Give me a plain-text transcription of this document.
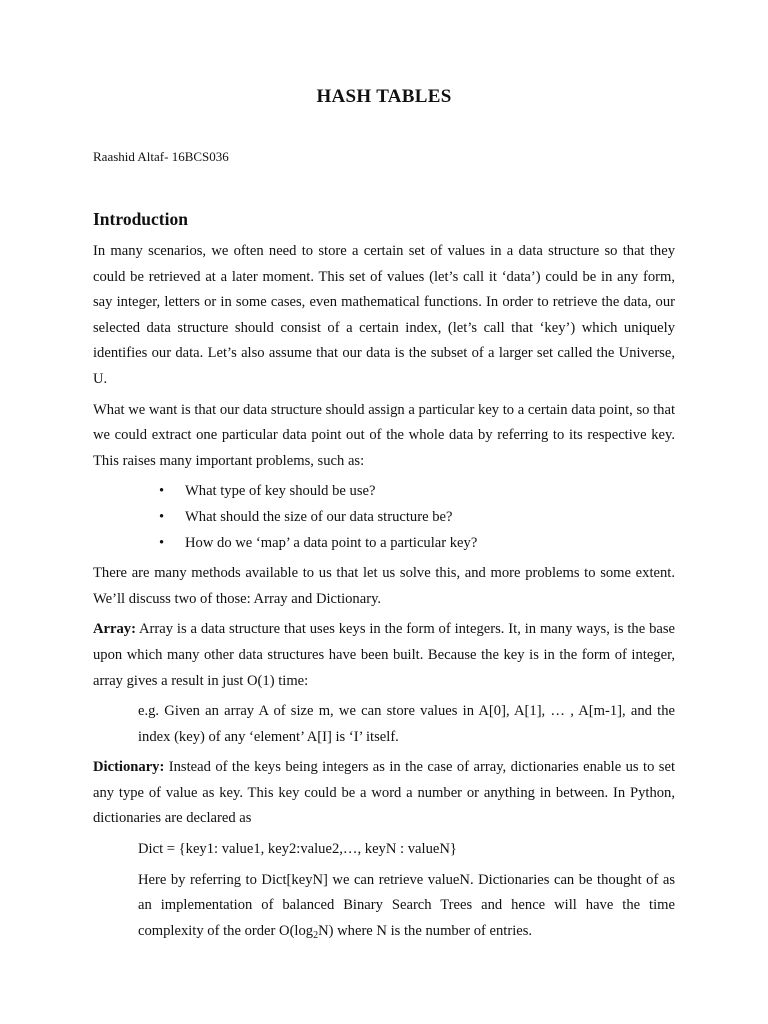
HASH TABLES
Raashid Altaf- 16BCS036
Introduction

In many scenarios, we often need to store a certain set of values in a data structure so that they could be retrieved at a later moment. This set of values (let’s call it ‘data’) could be in any form, say integer, letters or in some cases, even mathematical functions. In order to retrieve the data, our selected data structure should consist of a certain index, (let’s call that ‘key’) which uniquely identifies our data. Let’s also assume that our data is the subset of a larger set called the Universe, U.

What we want is that our data structure should assign a particular key to a certain data point, so that we could extract one particular data point out of the whole data by referring to its respective key. This raises many important problems, such as:

• What type of key should be use?
• What should the size of our data structure be?
• How do we ‘map’ a data point to a particular key?

There are many methods available to us that let us solve this, and more problems to some extent. We’ll discuss two of those: Array and Dictionary.

Array: Array is a data structure that uses keys in the form of integers. It, in many ways, is the base upon which many other data structures have been built. Because the key is in the form of integer, array gives a result in just O(1) time:

e.g. Given an array A of size m, we can store values in A[0], A[1], … , A[m-1], and the index (key) of any ‘element’ A[I] is ‘I’ itself.

Dictionary: Instead of the keys being integers as in the case of array, dictionaries enable us to set any type of value as key. This key could be a word a number or anything in between. In Python, dictionaries are declared as

Dict = {key1: value1, key2:value2,…, keyN : valueN}

Here by referring to Dict[keyN] we can retrieve valueN. Dictionaries can be thought of as an implementation of balanced Binary Search Trees and hence will have the time complexity of the order $O(\log_2N)$ where N is the number of entries.
